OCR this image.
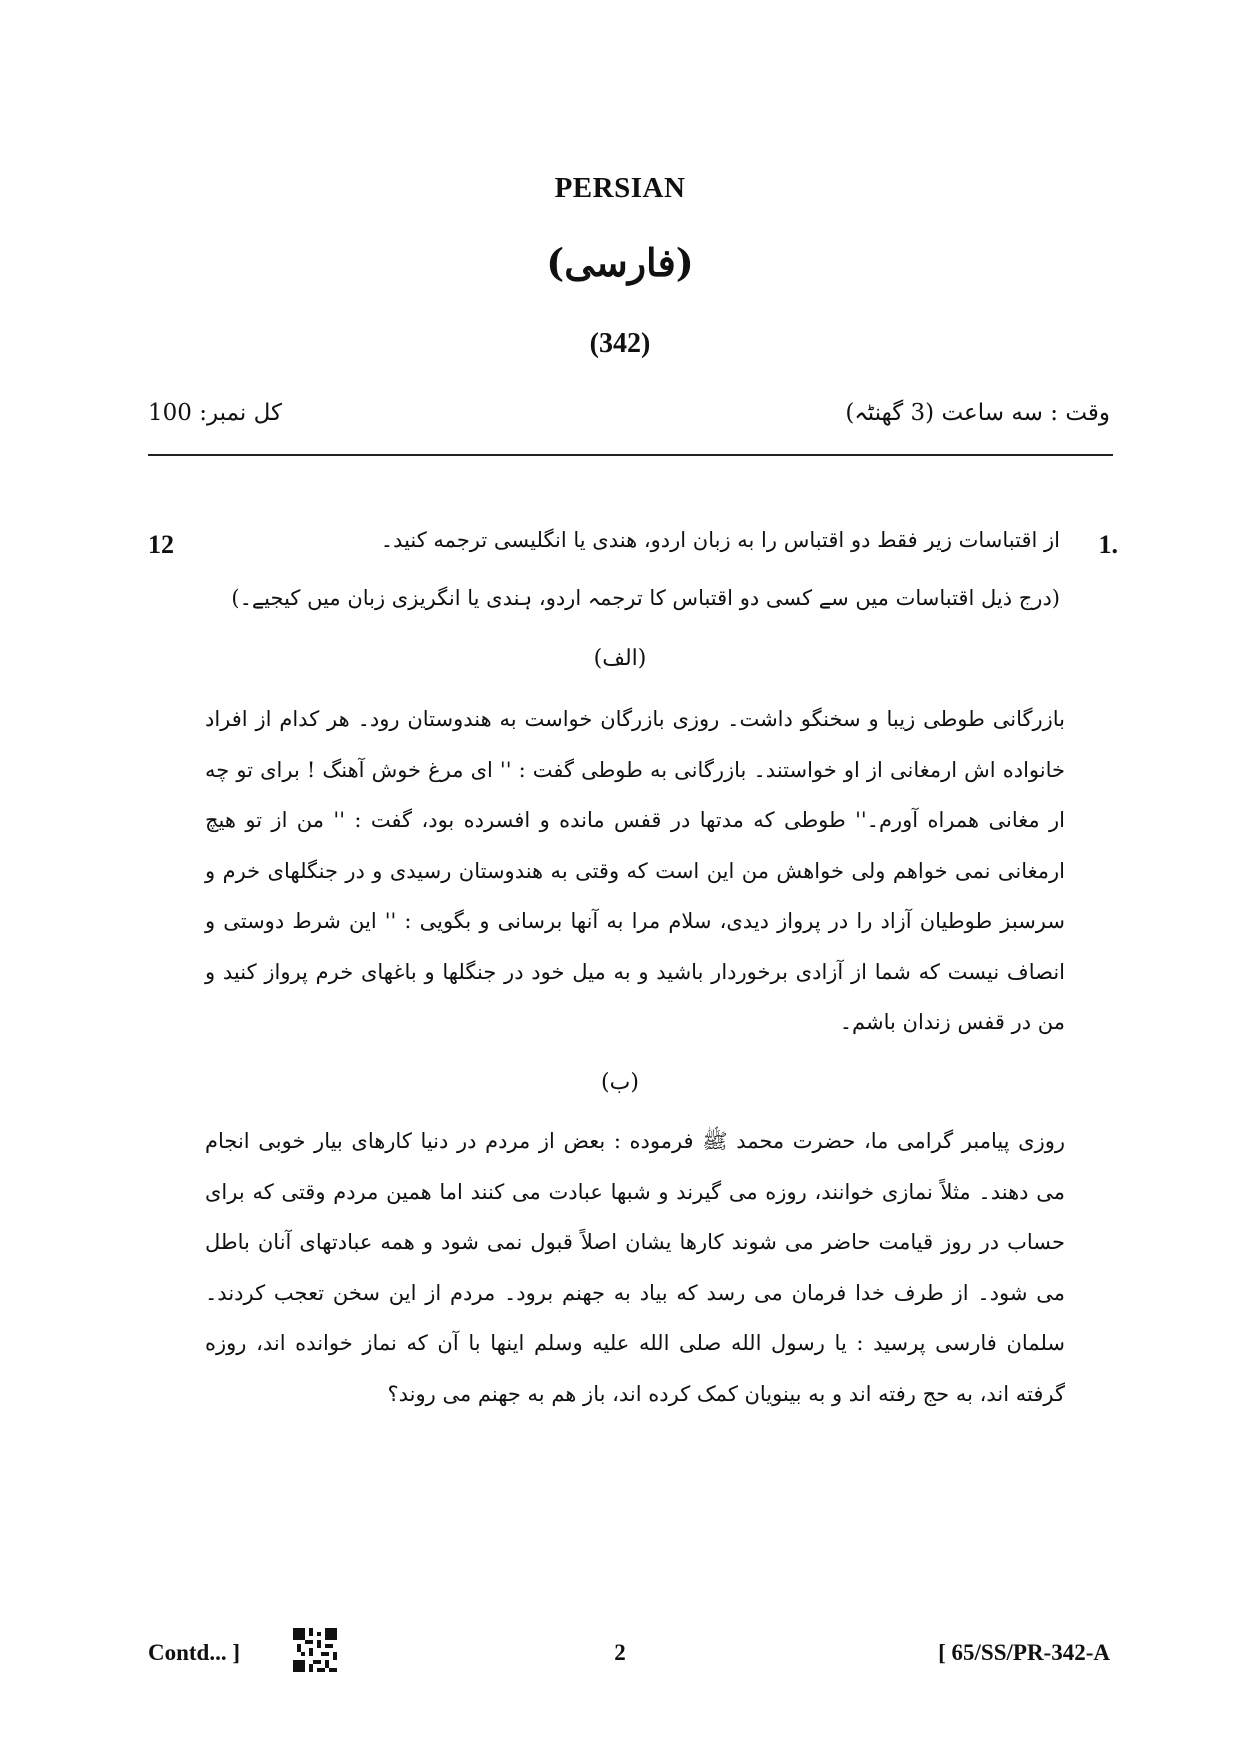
PERSIAN
(فارسی)
(342)
وقت : سه ساعت (3 گھنٹہ)
کل نمبر: 100
1.
12	از اقتباسات زیر فقط دو اقتباس را به زبان اردو، هندی یا انگلیسی ترجمه کنید۔
(درج ذیل اقتباسات میں سے کسی دو اقتباس کا ترجمہ اردو، ہندی یا انگریزی زبان میں کیجیے۔)
(الف)
بازرگانی طوطی زیبا و سخنگو داشت۔ روزی بازرگان خواست به هندوستان رود۔ هر کدام از افراد خانواده اش ارمغانی از او خواستند۔ بازرگانی به طوطی گفت : '' ای مرغ خوش آهنگ ! برای تو چه ار مغانی همراه آورم۔'' طوطی که مدتها در قفس مانده و افسرده بود، گفت : '' من از تو هیچ ارمغانی نمی خواهم ولی خواهش من این است که وقتی به هندوستان رسیدی و در جنگلهای خرم و سرسبز طوطیان آزاد را در پرواز دیدی، سلام مرا به آنها برسانی و بگویی : '' این شرط دوستی و انصاف نیست که شما از آزادی برخوردار باشید و به میل خود در جنگلها و باغهای خرم پرواز کنید و من در قفس زندان باشم۔
(ب)
روزی پیامبر گرامی ما، حضرت محمد ﷺ فرموده : بعض از مردم در دنیا کارهای بیار خوبی انجام می دهند۔ مثلاً نمازی خوانند، روزه می گیرند و شبها عبادت می کنند اما همین مردم وقتی که برای حساب در روز قیامت حاضر می شوند کارها یشان اصلاً قبول نمی شود و همه عبادتهای آنان باطل می شود۔ از طرف خدا فرمان می رسد که بیاد به جهنم برود۔ مردم از این سخن تعجب کردند۔ سلمان فارسی پرسید : یا رسول الله صلی الله علیه وسلم اینها با آن که نماز خوانده اند، روزه گرفته اند، به حج رفته اند و به بینویان کمک کرده اند، باز هم به جهنم می روند؟
Contd... ]	2	[ 65/SS/PR-342-A
